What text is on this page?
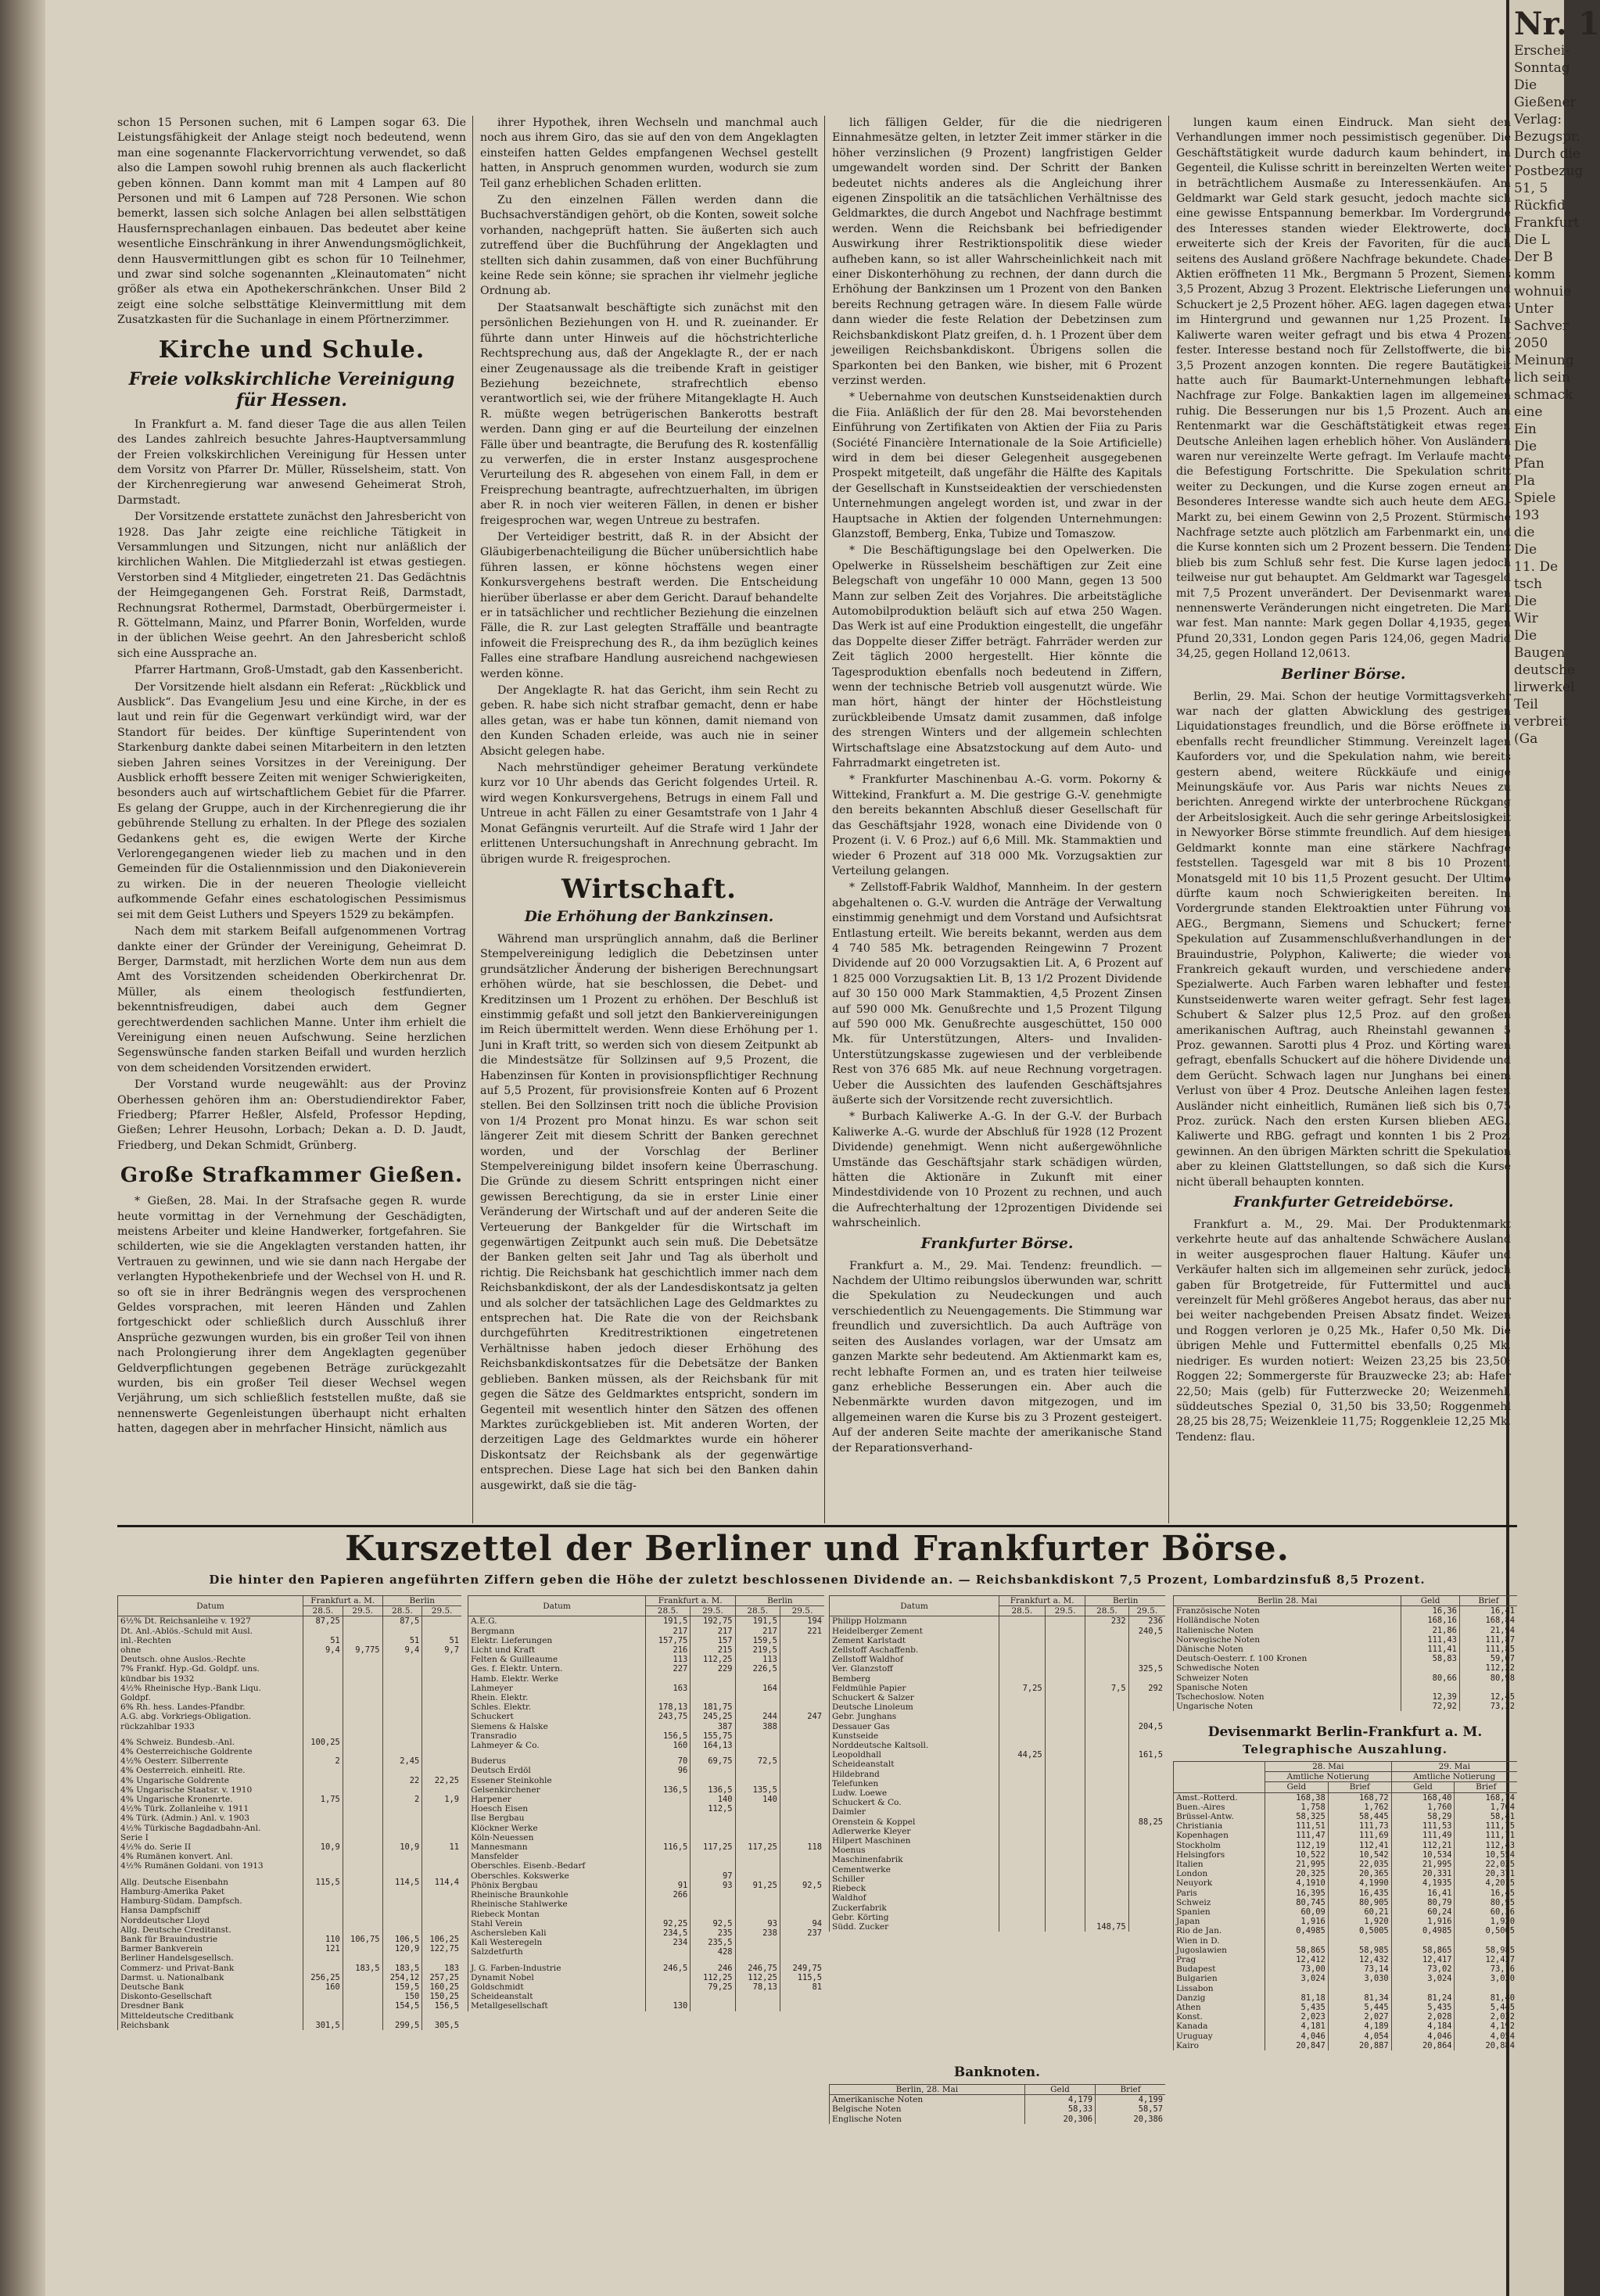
Nr. 1
Erschei-
Sonntag
Die
Gießener
Verlag:
Bezugspr.
Durch die
Postbezug
51, 5
Rückfid
Frankfurt
Die L
Der B
komm
wohnuie
Unter
Sachver
2050
Meinung
lich sein
schmack
eine
Ein
Die
Pfan
Pla
Spiele
193
die
Die
11. De
tsch
Die
Wir
Die
Baugen
deutsche
lirwerkel
Teil
verbreit
(Ga

schon 15 Personen suchen, mit 6 Lampen sogar 63. Die Leistungsfähigkeit der Anlage steigt noch bedeutend, wenn man eine sogenannte Flackervorrichtung verwendet, so daß also die Lampen sowohl ruhig brennen als auch flackerlicht geben können. Dann kommt man mit 4 Lampen auf 80 Personen und mit 6 Lampen auf 728 Personen. Wie schon bemerkt, lassen sich solche Anlagen bei allen selbsttätigen Hausfernsprechanlagen einbauen. Das bedeutet aber keine wesentliche Einschränkung in ihrer Anwendungsmöglichkeit, denn Hausvermittlungen gibt es schon für 10 Teilnehmer, und zwar sind solche sogenannten „Kleinautomaten“ nicht größer als etwa ein Apothekerschränkchen. Unser Bild 2 zeigt eine solche selbsttätige Kleinvermittlung mit dem Zusatzkasten für die Suchanlage in einem Pförtnerzimmer.

Kirche und Schule.
Freie volkskirchliche Vereinigung für Hessen.

In Frankfurt a. M. fand dieser Tage die aus allen Teilen des Landes zahlreich besuchte Jahres-Hauptversammlung der Freien volkskirchlichen Vereinigung für Hessen unter dem Vorsitz von Pfarrer Dr. Müller, Rüsselsheim, statt. Von der Kirchenregierung war anwesend Geheimerat Stroh, Darmstadt.

Der Vorsitzende erstattete zunächst den Jahresbericht von 1928. Das Jahr zeigte eine reichliche Tätigkeit in Versammlungen und Sitzungen, nicht nur anläßlich der kirchlichen Wahlen. Die Mitgliederzahl ist etwas gestiegen. Verstorben sind 4 Mitglieder, eingetreten 21. Das Gedächtnis der Heimgegangenen Geh. Forstrat Reiß, Darmstadt, Rechnungsrat Rothermel, Darmstadt, Oberbürgermeister i. R. Göttelmann, Mainz, und Pfarrer Bonin, Worfelden, wurde in der üblichen Weise geehrt. An den Jahresbericht schloß sich eine Aussprache an.

Pfarrer Hartmann, Groß-Umstadt, gab den Kassenbericht.

Der Vorsitzende hielt alsdann ein Referat: „Rückblick und Ausblick“. Das Evangelium Jesu und eine Kirche, in der es laut und rein für die Gegenwart verkündigt wird, war der Standort für beides. Der künftige Superintendent von Starkenburg dankte dabei seinen Mitarbeitern in den letzten sieben Jahren seines Vorsitzes in der Vereinigung. Der Ausblick erhofft bessere Zeiten mit weniger Schwierigkeiten, besonders auch auf wirtschaftlichem Gebiet für die Pfarrer. Es gelang der Gruppe, auch in der Kirchenregierung die ihr gebührende Stellung zu erhalten. In der Pflege des sozialen Gedankens geht es, die ewigen Werte der Kirche Verlorengegangenen wieder lieb zu machen und in den Gemeinden für die Ostaliennmission und den Diakonieverein zu wirken. Die in der neueren Theologie vielleicht aufkommende Gefahr eines eschatologischen Pessimismus sei mit dem Geist Luthers und Speyers 1529 zu bekämpfen.

Nach dem mit starkem Beifall aufgenommenen Vortrag dankte einer der Gründer der Vereinigung, Geheimrat D. Berger, Darmstadt, mit herzlichen Worte dem nun aus dem Amt des Vorsitzenden scheidenden Oberkirchenrat Dr. Müller, als einem theologisch festfundierten, bekenntnisfreudigen, dabei auch dem Gegner gerechtwerdenden sachlichen Manne. Unter ihm erhielt die Vereinigung einen neuen Aufschwung. Seine herzlichen Segenswünsche fanden starken Beifall und wurden herzlich von dem scheidenden Vorsitzenden erwidert.

Der Vorstand wurde neugewählt: aus der Provinz Oberhessen gehören ihm an: Oberstudiendirektor Faber, Friedberg; Pfarrer Heßler, Alsfeld, Professor Hepding, Gießen; Lehrer Heusohn, Lorbach; Dekan a. D. D. Jaudt, Friedberg, und Dekan Schmidt, Grünberg.

Große Strafkammer Gießen.

* Gießen, 28. Mai. In der Strafsache gegen R. wurde heute vormittag in der Vernehmung der Geschädigten, meistens Arbeiter und kleine Handwerker, fortgefahren. Sie schilderten, wie sie die Angeklagten verstanden hatten, ihr Vertrauen zu gewinnen, und wie sie dann nach Hergabe der verlangten Hypothekenbriefe und der Wechsel von H. und R. so oft sie in ihrer Bedrängnis wegen des versprochenen Geldes vorsprachen, mit leeren Händen und Zahlen fortgeschickt oder schließlich durch Ausschluß ihrer Ansprüche gezwungen wurden, bis ein großer Teil von ihnen nach Prolongierung ihrer dem Angeklagten gegenüber Geldverpflichtungen gegebenen Beträge zurückgezahlt wurden, bis ein großer Teil dieser Wechsel wegen Verjährung, um sich schließlich feststellen mußte, daß sie nennenswerte Gegenleistungen überhaupt nicht erhalten hatten, dagegen aber in mehrfacher Hinsicht, nämlich aus

ihrer Hypothek, ihren Wechseln und manchmal auch noch aus ihrem Giro, das sie auf den von dem Angeklagten einsteifen hatten Geldes empfangenen Wechsel gestellt hatten, in Anspruch genommen wurden, wodurch sie zum Teil ganz erheblichen Schaden erlitten.

Zu den einzelnen Fällen werden dann die Buchsachverständigen gehört, ob die Konten, soweit solche vorhanden, nachgeprüft hatten. Sie äußerten sich auch zutreffend über die Buchführung der Angeklagten und stellten sich dahin zusammen, daß von einer Buchführung keine Rede sein könne; sie sprachen ihr vielmehr jegliche Ordnung ab.

Der Staatsanwalt beschäftigte sich zunächst mit den persönlichen Beziehungen von H. und R. zueinander. Er führte dann unter Hinweis auf die höchstrichterliche Rechtsprechung aus, daß der Angeklagte R., der er nach einer Zeugenaussage als die treibende Kraft in geistiger Beziehung bezeichnete, strafrechtlich ebenso verantwortlich sei, wie der frühere Mitangeklagte H. Auch R. müßte wegen betrügerischen Bankerotts bestraft werden. Dann ging er auf die Beurteilung der einzelnen Fälle über und beantragte, die Berufung des R. kostenfällig zu verwerfen, die in erster Instanz ausgesprochene Verurteilung des R. abgesehen von einem Fall, in dem er Freisprechung beantragte, aufrechtzuerhalten, im übrigen aber R. in noch vier weiteren Fällen, in denen er bisher freigesprochen war, wegen Untreue zu bestrafen.

Der Verteidiger bestritt, daß R. in der Absicht der Gläubigerbenachteiligung die Bücher unübersichtlich habe führen lassen, er könne höchstens wegen einer Konkursvergehens bestraft werden. Die Entscheidung hierüber überlasse er aber dem Gericht. Darauf behandelte er in tatsächlicher und rechtlicher Beziehung die einzelnen Fälle, die R. zur Last gelegten Straffälle und beantragte infoweit die Freisprechung des R., da ihm bezüglich keines Falles eine strafbare Handlung ausreichend nachgewiesen werden könne.

Der Angeklagte R. hat das Gericht, ihm sein Recht zu geben. R. habe sich nicht strafbar gemacht, denn er habe alles getan, was er habe tun können, damit niemand von den Kunden Schaden erleide, was auch nie in seiner Absicht gelegen habe.

Nach mehrstündiger geheimer Beratung verkündete kurz vor 10 Uhr abends das Gericht folgendes Urteil. R. wird wegen Konkursvergehens, Betrugs in einem Fall und Untreue in acht Fällen zu einer Gesamtstrafe von 1 Jahr 4 Monat Gefängnis verurteilt. Auf die Strafe wird 1 Jahr der erlittenen Untersuchungshaft in Anrechnung gebracht. Im übrigen wurde R. freigesprochen.

Wirtschaft.
Die Erhöhung der Bankzinsen.

Während man ursprünglich annahm, daß die Berliner Stempelvereinigung lediglich die Debetzinsen unter grundsätzlicher Änderung der bisherigen Berechnungsart erhöhen würde, hat sie beschlossen, die Debet- und Kreditzinsen um 1 Prozent zu erhöhen. Der Beschluß ist einstimmig gefaßt und soll jetzt den Bankiervereinigungen im Reich übermittelt werden. Wenn diese Erhöhung per 1. Juni in Kraft tritt, so werden sich von diesem Zeitpunkt ab die Mindestsätze für Sollzinsen auf 9,5 Prozent, die Habenzinsen für Konten in provisionspflichtiger Rechnung auf 5,5 Prozent, für provisionsfreie Konten auf 6 Prozent stellen. Bei den Sollzinsen tritt noch die übliche Provision von 1/4 Prozent pro Monat hinzu. Es war schon seit längerer Zeit mit diesem Schritt der Banken gerechnet worden, und der Vorschlag der Berliner Stempelvereinigung bildet insofern keine Überraschung. Die Gründe zu diesem Schritt entspringen nicht einer gewissen Berechtigung, da sie in erster Linie einer Veränderung der Wirtschaft und auf der anderen Seite die Verteuerung der Bankgelder für die Wirtschaft im gegenwärtigen Zeitpunkt auch sein muß. Die Debetsätze der Banken gelten seit Jahr und Tag als überholt und richtig. Die Reichsbank hat geschichtlich immer nach dem Reichsbankdiskont, der als der Landesdiskontsatz ja gelten und als solcher der tatsächlichen Lage des Geldmarktes zu entsprechen hat. Die Rate die von der Reichsbank durchgeführten Kreditrestriktionen eingetretenen Verhältnisse haben jedoch dieser Erhöhung des Reichsbankdiskontsatzes für die Debetsätze der Banken geblieben. Banken müssen, als der Reichsbank für mit gegen die Sätze des Geldmarktes entspricht, sondern im Gegenteil mit wesentlich hinter den Sätzen des offenen Marktes zurückgeblieben ist. Mit anderen Worten, der derzeitigen Lage des Geldmarktes wurde ein höherer Diskontsatz der Reichsbank als der gegenwärtige entsprechen. Diese Lage hat sich bei den Banken dahin ausgewirkt, daß sie die täg-

lich fälligen Gelder, für die die niedrigeren Einnahmesätze gelten, in letzter Zeit immer stärker in die höher verzinslichen (9 Prozent) langfristigen Gelder umgewandelt worden sind. Der Schritt der Banken bedeutet nichts anderes als die Angleichung ihrer eigenen Zinspolitik an die tatsächlichen Verhältnisse des Geldmarktes, die durch Angebot und Nachfrage bestimmt werden. Wenn die Reichsbank bei befriedigender Auswirkung ihrer Restriktionspolitik diese wieder aufheben kann, so ist aller Wahrscheinlichkeit nach mit einer Diskonterhöhung zu rechnen, der dann durch die Erhöhung der Bankzinsen um 1 Prozent von den Banken bereits Rechnung getragen wäre. In diesem Falle würde dann wieder die feste Relation der Debetzinsen zum Reichsbankdiskont Platz greifen, d. h. 1 Prozent über dem jeweiligen Reichsbankdiskont. Übrigens sollen die Sparkonten bei den Banken, wie bisher, mit 6 Prozent verzinst werden.

* Uebernahme von deutschen Kunstseidenaktien durch die Fiia. Anläßlich der für den 28. Mai bevorstehenden Einführung von Zertifikaten von Aktien der Fiia zu Paris (Société Financière Internationale de la Soie Artificielle) wird in dem bei dieser Gelegenheit ausgegebenen Prospekt mitgeteilt, daß ungefähr die Hälfte des Kapitals der Gesellschaft in Kunstseideaktien der verschiedensten Unternehmungen angelegt worden ist, und zwar in der Hauptsache in Aktien der folgenden Unternehmungen: Glanzstoff, Bemberg, Enka, Tubize und Tomaszow.

* Die Beschäftigungslage bei den Opelwerken. Die Opelwerke in Rüsselsheim beschäftigen zur Zeit eine Belegschaft von ungefähr 10 000 Mann, gegen 13 500 Mann zur selben Zeit des Vorjahres. Die arbeitstägliche Automobilproduktion beläuft sich auf etwa 250 Wagen. Das Werk ist auf eine Produktion eingestellt, die ungefähr das Doppelte dieser Ziffer beträgt. Fahrräder werden zur Zeit täglich 2000 hergestellt. Hier könnte die Tagesproduktion ebenfalls noch bedeutend in Ziffern, wenn der technische Betrieb voll ausgenutzt würde. Wie man hört, hängt der hinter der Höchstleistung zurückbleibende Umsatz damit zusammen, daß infolge des strengen Winters und der allgemein schlechten Wirtschaftslage eine Absatzstockung auf dem Auto- und Fahrradmarkt eingetreten ist.

* Frankfurter Maschinenbau A.-G. vorm. Pokorny & Wittekind, Frankfurt a. M. Die gestrige G.-V. genehmigte den bereits bekannten Abschluß dieser Gesellschaft für das Geschäftsjahr 1928, wonach eine Dividende von 0 Prozent (i. V. 6 Proz.) auf 6,6 Mill. Mk. Stammaktien und wieder 6 Prozent auf 318 000 Mk. Vorzugsaktien zur Verteilung gelangen.

* Zellstoff-Fabrik Waldhof, Mannheim. In der gestern abgehaltenen o. G.-V. wurden die Anträge der Verwaltung einstimmig genehmigt und dem Vorstand und Aufsichtsrat Entlastung erteilt. Wie bereits bekannt, werden aus dem 4 740 585 Mk. betragenden Reingewinn 7 Prozent Dividende auf 20 000 Vorzugsaktien Lit. A, 6 Prozent auf 1 825 000 Vorzugsaktien Lit. B, 13 1/2 Prozent Dividende auf 30 150 000 Mark Stammaktien, 4,5 Prozent Zinsen auf 590 000 Mk. Genußrechte und 1,5 Prozent Tilgung auf 590 000 Mk. Genußrechte ausgeschüttet, 150 000 Mk. für Unterstützungen, Alters- und Invaliden-Unterstützungskasse zugewiesen und der verbleibende Rest von 376 685 Mk. auf neue Rechnung vorgetragen. Ueber die Aussichten des laufenden Geschäftsjahres äußerte sich der Vorsitzende recht zuversichtlich.

* Burbach Kaliwerke A.-G. In der G.-V. der Burbach Kaliwerke A.-G. wurde der Abschluß für 1928 (12 Prozent Dividende) genehmigt. Wenn nicht außergewöhnliche Umstände das Geschäftsjahr stark schädigen würden, hätten die Aktionäre in Zukunft mit einer Mindestdividende von 10 Prozent zu rechnen, und auch die Aufrechterhaltung der 12prozentigen Dividende sei wahrscheinlich.

Frankfurter Börse.

Frankfurt a. M., 29. Mai. Tendenz: freundlich. — Nachdem der Ultimo reibungslos überwunden war, schritt die Spekulation zu Neudeckungen und auch verschiedentlich zu Neuengagements. Die Stimmung war freundlich und zuversichtlich. Da auch Aufträge von seiten des Auslandes vorlagen, war der Umsatz am ganzen Markte sehr bedeutend. Am Aktienmarkt kam es, recht lebhafte Formen an, und es traten hier teilweise ganz erhebliche Besserungen ein. Aber auch die Nebenmärkte wurden davon mitgezogen, und im allgemeinen waren die Kurse bis zu 3 Prozent gesteigert. Auf der anderen Seite machte der amerikanische Stand der Reparationsverhand-

lungen kaum einen Eindruck. Man sieht den Verhandlungen immer noch pessimistisch gegenüber. Die Geschäftstätigkeit wurde dadurch kaum behindert, im Gegenteil, die Kulisse schritt in bereinzelten Werten weiter in beträchtlichem Ausmaße zu Interessenkäufen. Am Geldmarkt war Geld stark gesucht, jedoch machte sich eine gewisse Entspannung bemerkbar. Im Vordergrunde des Interesses standen wieder Elektrowerte, doch erweiterte sich der Kreis der Favoriten, für die auch seitens des Ausland größere Nachfrage bekundete. Chade-Aktien eröffneten 11 Mk., Bergmann 5 Prozent, Siemens 3,5 Prozent, Abzug 3 Prozent. Elektrische Lieferungen und Schuckert je 2,5 Prozent höher. AEG. lagen dagegen etwas im Hintergrund und gewannen nur 1,25 Prozent. In Kaliwerte waren weiter gefragt und bis etwa 4 Prozent fester. Interesse bestand noch für Zellstoffwerte, die bis 3,5 Prozent anzogen konnten. Die regere Bautätigkeit hatte auch für Baumarkt-Unternehmungen lebhafte Nachfrage zur Folge. Bankaktien lagen im allgemeinen ruhig. Die Besserungen nur bis 1,5 Prozent. Auch am Rentenmarkt war die Geschäftstätigkeit etwas reger. Deutsche Anleihen lagen erheblich höher. Von Ausländern waren nur vereinzelte Werte gefragt. Im Verlaufe machte die Befestigung Fortschritte. Die Spekulation schritt weiter zu Deckungen, und die Kurse zogen erneut an. Besonderes Interesse wandte sich auch heute dem AEG.-Markt zu, bei einem Gewinn von 2,5 Prozent. Stürmische Nachfrage setzte auch plötzlich am Farbenmarkt ein, und die Kurse konnten sich um 2 Prozent bessern. Die Tendenz blieb bis zum Schluß sehr fest. Die Kurse lagen jedoch teilweise nur gut behauptet. Am Geldmarkt war Tagesgeld mit 7,5 Prozent unverändert. Der Devisenmarkt waren nennenswerte Veränderungen nicht eingetreten. Die Mark war fest. Man nannte: Mark gegen Dollar 4,1935, gegen Pfund 20,331, London gegen Paris 124,06, gegen Madrid 34,25, gegen Holland 12,0613.

Berliner Börse.

Berlin, 29. Mai. Schon der heutige Vormittagsverkehr war nach der glatten Abwicklung des gestrigen Liquidationstages freundlich, und die Börse eröffnete in ebenfalls recht freundlicher Stimmung. Vereinzelt lagen Kauforders vor, und die Spekulation nahm, wie bereits gestern abend, weitere Rückkäufe und einige Meinungskäufe vor. Aus Paris war nichts Neues zu berichten. Anregend wirkte der unterbrochene Rückgang der Arbeitslosigkeit. Auch die sehr geringe Arbeitslosigkeit in Newyorker Börse stimmte freundlich. Auf dem hiesigen Geldmarkt konnte man eine stärkere Nachfrage feststellen. Tagesgeld war mit 8 bis 10 Prozent, Monatsgeld mit 10 bis 11,5 Prozent gesucht. Der Ultimo dürfte kaum noch Schwierigkeiten bereiten. Im Vordergrunde standen Elektroaktien unter Führung von AEG., Bergmann, Siemens und Schuckert; ferner Spekulation auf Zusammenschlußverhandlungen in der Brauindustrie, Polyphon, Kaliwerte; die wieder von Frankreich gekauft wurden, und verschiedene andere Spezialwerte. Auch Farben waren lebhafter und fester. Kunstseidenwerte waren weiter gefragt. Sehr fest lagen Schubert & Salzer plus 12,5 Proz. auf den großen amerikanischen Auftrag, auch Rheinstahl gewannen 5 Proz. gewannen. Sarotti plus 4 Proz. und Körting waren gefragt, ebenfalls Schuckert auf die höhere Dividende und dem Gerücht. Schwach lagen nur Junghans bei einem Verlust von über 4 Proz. Deutsche Anleihen lagen fester. Ausländer nicht einheitlich, Rumänen ließ sich bis 0,75 Proz. zurück. Nach den ersten Kursen blieben AEG., Kaliwerte und RBG. gefragt und konnten 1 bis 2 Proz. gewinnen. An den übrigen Märkten schritt die Spekulation aber zu kleinen Glattstellungen, so daß sich die Kurse nicht überall behaupten konnten.

Frankfurter Getreidebörse.

Frankfurt a. M., 29. Mai. Der Produktenmarkt verkehrte heute auf das anhaltende Schwächere Ausland in weiter ausgesprochen flauer Haltung. Käufer und Verkäufer halten sich im allgemeinen sehr zurück, jedoch gaben für Brotgetreide, für Futtermittel und auch vereinzelt für Mehl größeres Angebot heraus, das aber nur bei weiter nachgebenden Preisen Absatz findet. Weizen und Roggen verloren je 0,25 Mk., Hafer 0,50 Mk. Die übrigen Mehle und Futtermittel ebenfalls 0,25 Mk. niedriger. Es wurden notiert: Weizen 23,25 bis 23,50; Roggen 22; Sommergerste für Brauzwecke 23; ab: Hafer 22,50; Mais (gelb) für Futterzwecke 20; Weizenmehl, süddeutsches Spezial 0, 31,50 bis 33,50; Roggenmehl 28,25 bis 28,75; Weizenkleie 11,75; Roggenkleie 12,25 Mk. Tendenz: flau.

Kurszettel der Berliner und Frankfurter Börse.
Die hinter den Papieren angeführten Ziffern geben die Höhe der zuletzt beschlossenen Dividende an. — Reichsbankdiskont 7,5 Prozent, Lombardzinsfuß 8,5 Prozent.
Datum	Frankfurt a. M.		Berlin	
	28.5.	29.5.	28.5.	29.5.
6½% Dt. Reichsanleihe v. 1927	87,25		87,5	
Dt. Anl.-Ablös.-Schuld mit Ausl.				
inl.-Rechten	51		51	51
ohne	9,4	9,775	9,4	9,7
Deutsch. ohne Auslos.-Rechte				
7% Frankf. Hyp.-Gd. Goldpf. uns.				
kündbar bis 1932				
4½% Rheinische Hyp.-Bank Liqu.				
Goldpf.				
6% Rh. hess. Landes-Pfandbr.				
A.G. abg. Vorkriegs-Obligation.				
rückzahlbar 1933				

4% Schweiz. Bundesb.-Anl.	100,25			
4% Oesterreichische Goldrente				
4½% Oesterr. Silberrente	2		2,45	
4% Oesterreich. einheitl. Rte.				
4% Ungarische Goldrente			22	22,25
4% Ungarische Staatsr. v. 1910				
4% Ungarische Kronenrte.	1,75		2	1,9
4½% Türk. Zollanleihe v. 1911				
4% Türk. (Admin.) Anl. v. 1903				
4½% Türkische Bagdadbahn-Anl.				
Serie I				
4½% do. Serie II	10,9		10,9	11
4% Rumänen konvert. Anl.				
4½% Rumänen Goldani. von 1913				

Allg. Deutsche Eisenbahn	115,5		114,5	114,4
Hamburg-Amerika Paket				
Hamburg-Südam. Dampfsch.				
Hansa Dampfschiff				
Norddeutscher Lloyd				
Allg. Deutsche Creditanst.				
Bank für Brauindustrie	110	106,75	106,5	106,25
Barmer Bankverein	121		120,9	122,75
Berliner Handelsgesellsch.				
Commerz- und Privat-Bank		183,5	183,5	183
Darmst. u. Nationalbank	256,25		254,12	257,25
Deutsche Bank	160		159,5	160,25
Diskonto-Gesellschaft			150	150,25
Dresdner Bank			154,5	156,5
Mitteldeutsche Creditbank				
Reichsbank	301,5		299,5	305,5
Datum	Frankfurt a. M.		Berlin	
	28.5.	29.5.	28.5.	29.5.
A.E.G.	191,5	192,75	191,5	194
Bergmann	217	217	217	221
Elektr. Lieferungen	157,75	157	159,5	
Licht und Kraft	216	215	219,5	
Felten & Guilleaume	113	112,25	113	
Ges. f. Elektr. Untern.	227	229	226,5	
Hamb. Elektr. Werke				
Lahmeyer	163		164	
Rhein. Elektr.				
Schles. Elektr.	178,13	181,75		
Schuckert	243,75	245,25	244	247
Siemens & Halske		387	388	
Transradio	156,5	155,75		
Lahmeyer & Co.	160	164,13		

Buderus	70	69,75	72,5	
Deutsch Erdöl	96			
Essener Steinkohle				
Gelsenkirchener	136,5	136,5	135,5	
Harpener		140	140	
Hoesch Eisen		112,5		
Ilse Bergbau				
Klöckner Werke				
Köln-Neuessen				
Mannesmann	116,5	117,25	117,25	118
Mansfelder				
Oberschles. Eisenb.-Bedarf				
Oberschles. Kokswerke		97		
Phönix Bergbau	91	93	91,25	92,5
Rheinische Braunkohle	266			
Rheinische Stahlwerke				
Riebeck Montan				
Stahl Verein	92,25	92,5	93	94
Aschersleben Kali	234,5	235	238	237
Kali Westeregeln	234	235,5		
Salzdetfurth		428		

J. G. Farben-Industrie	246,5	246	246,75	249,75
Dynamit Nobel		112,25	112,25	115,5
Goldschmidt		79,25	78,13	81
Scheideanstalt				
Metallgesellschaft	130			
Datum	Frankfurt a. M.		Berlin	
	28.5.	29.5.	28.5.	29.5.
Philipp Holzmann			232	236
Heidelberger Zement				240,5
Zement Karlstadt				
Zellstoff Aschaffenb.				
Zellstoff Waldhof				
Ver. Glanzstoff				325,5
Bemberg				
Feldmühle Papier	7,25		7,5	292
Schuckert & Salzer				
Deutsche Linoleum				
Gebr. Junghans				
Dessauer Gas				204,5
Kunstseide				
Norddeutsche Kaltsoll.				
Leopoldhall	44,25			161,5
Scheideanstalt				
Hildebrand				
Telefunken				
Ludw. Loewe				
Schuckert & Co.				
Daimler				
Orenstein & Koppel				88,25
Adlerwerke Kleyer				
Hilpert Maschinen				
Moenus				
Maschinenfabrik				
Cementwerke				
Schiller				
Riebeck				
Waldhof				
Zuckerfabrik				
Gebr. Körting				
Südd. Zucker			148,75	
Banknoten.
Berlin, 28. Mai	Geld	Brief
Amerikanische Noten	4,179	4,199
Belgische Noten	58,33	58,57
Englische Noten	20,306	20,386
Berlin 28. Mai	Geld	Brief
Französische Noten	16,36	16,41
Holländische Noten	168,16	168,84
Italienische Noten	21,86	21,94
Norwegische Noten	111,43	111,87
Dänische Noten	111,41	111,85
Deutsch-Oesterr. f. 100 Kronen	58,83	59,07
Schwedische Noten		112,22
Schweizer Noten	80,66	80,98
Spanische Noten		
Tschechoslow. Noten	12,39	12,45
Ungarische Noten	72,92	73,32
Devisenmarkt Berlin-Frankfurt a. M.
Telegraphische Auszahlung.
	28. Mai		29. Mai	
	Amtliche Notierung		Amtliche Notierung	
	Geld	Brief	Geld	Brief
Amst.-Rotterd.	168,38	168,72	168,40	168,74
Buen.-Aires	1,758	1,762	1,760	1,764
Brüssel-Antw.	58,325	58,445	58,29	58,41
Christiania	111,51	111,73	111,53	111,75
Kopenhagen	111,47	111,69	111,49	111,71
Stockholm	112,19	112,41	112,21	112,43
Helsingfors	10,522	10,542	10,534	10,554
Italien	21,995	22,035	21,995	22,035
London	20,325	20,365	20,331	20,371
Neuyork	4,1910	4,1990	4,1935	4,2015
Paris	16,395	16,435	16,41	16,45
Schweiz	80,745	80,905	80,79	80,95
Spanien	60,09	60,21	60,24	60,36
Japan	1,916	1,920	1,916	1,920
Rio de Jan.	0,4985	0,5005	0,4985	0,5005
Wien in D.				
Jugoslawien	58,865	58,985	58,865	58,985
Prag	12,412	12,432	12,417	12,437
Budapest	73,00	73,14	73,02	73,16
Bulgarien	3,024	3,030	3,024	3,030
Lissabon				
Danzig	81,18	81,34	81,24	81,40
Athen	5,435	5,445	5,435	5,445
Konst.	2,023	2,027	2,028	2,032
Kanada	4,181	4,189	4,184	4,192
Uruguay	4,046	4,054	4,046	4,054
Kairo	20,847	20,887	20,864	20,884
